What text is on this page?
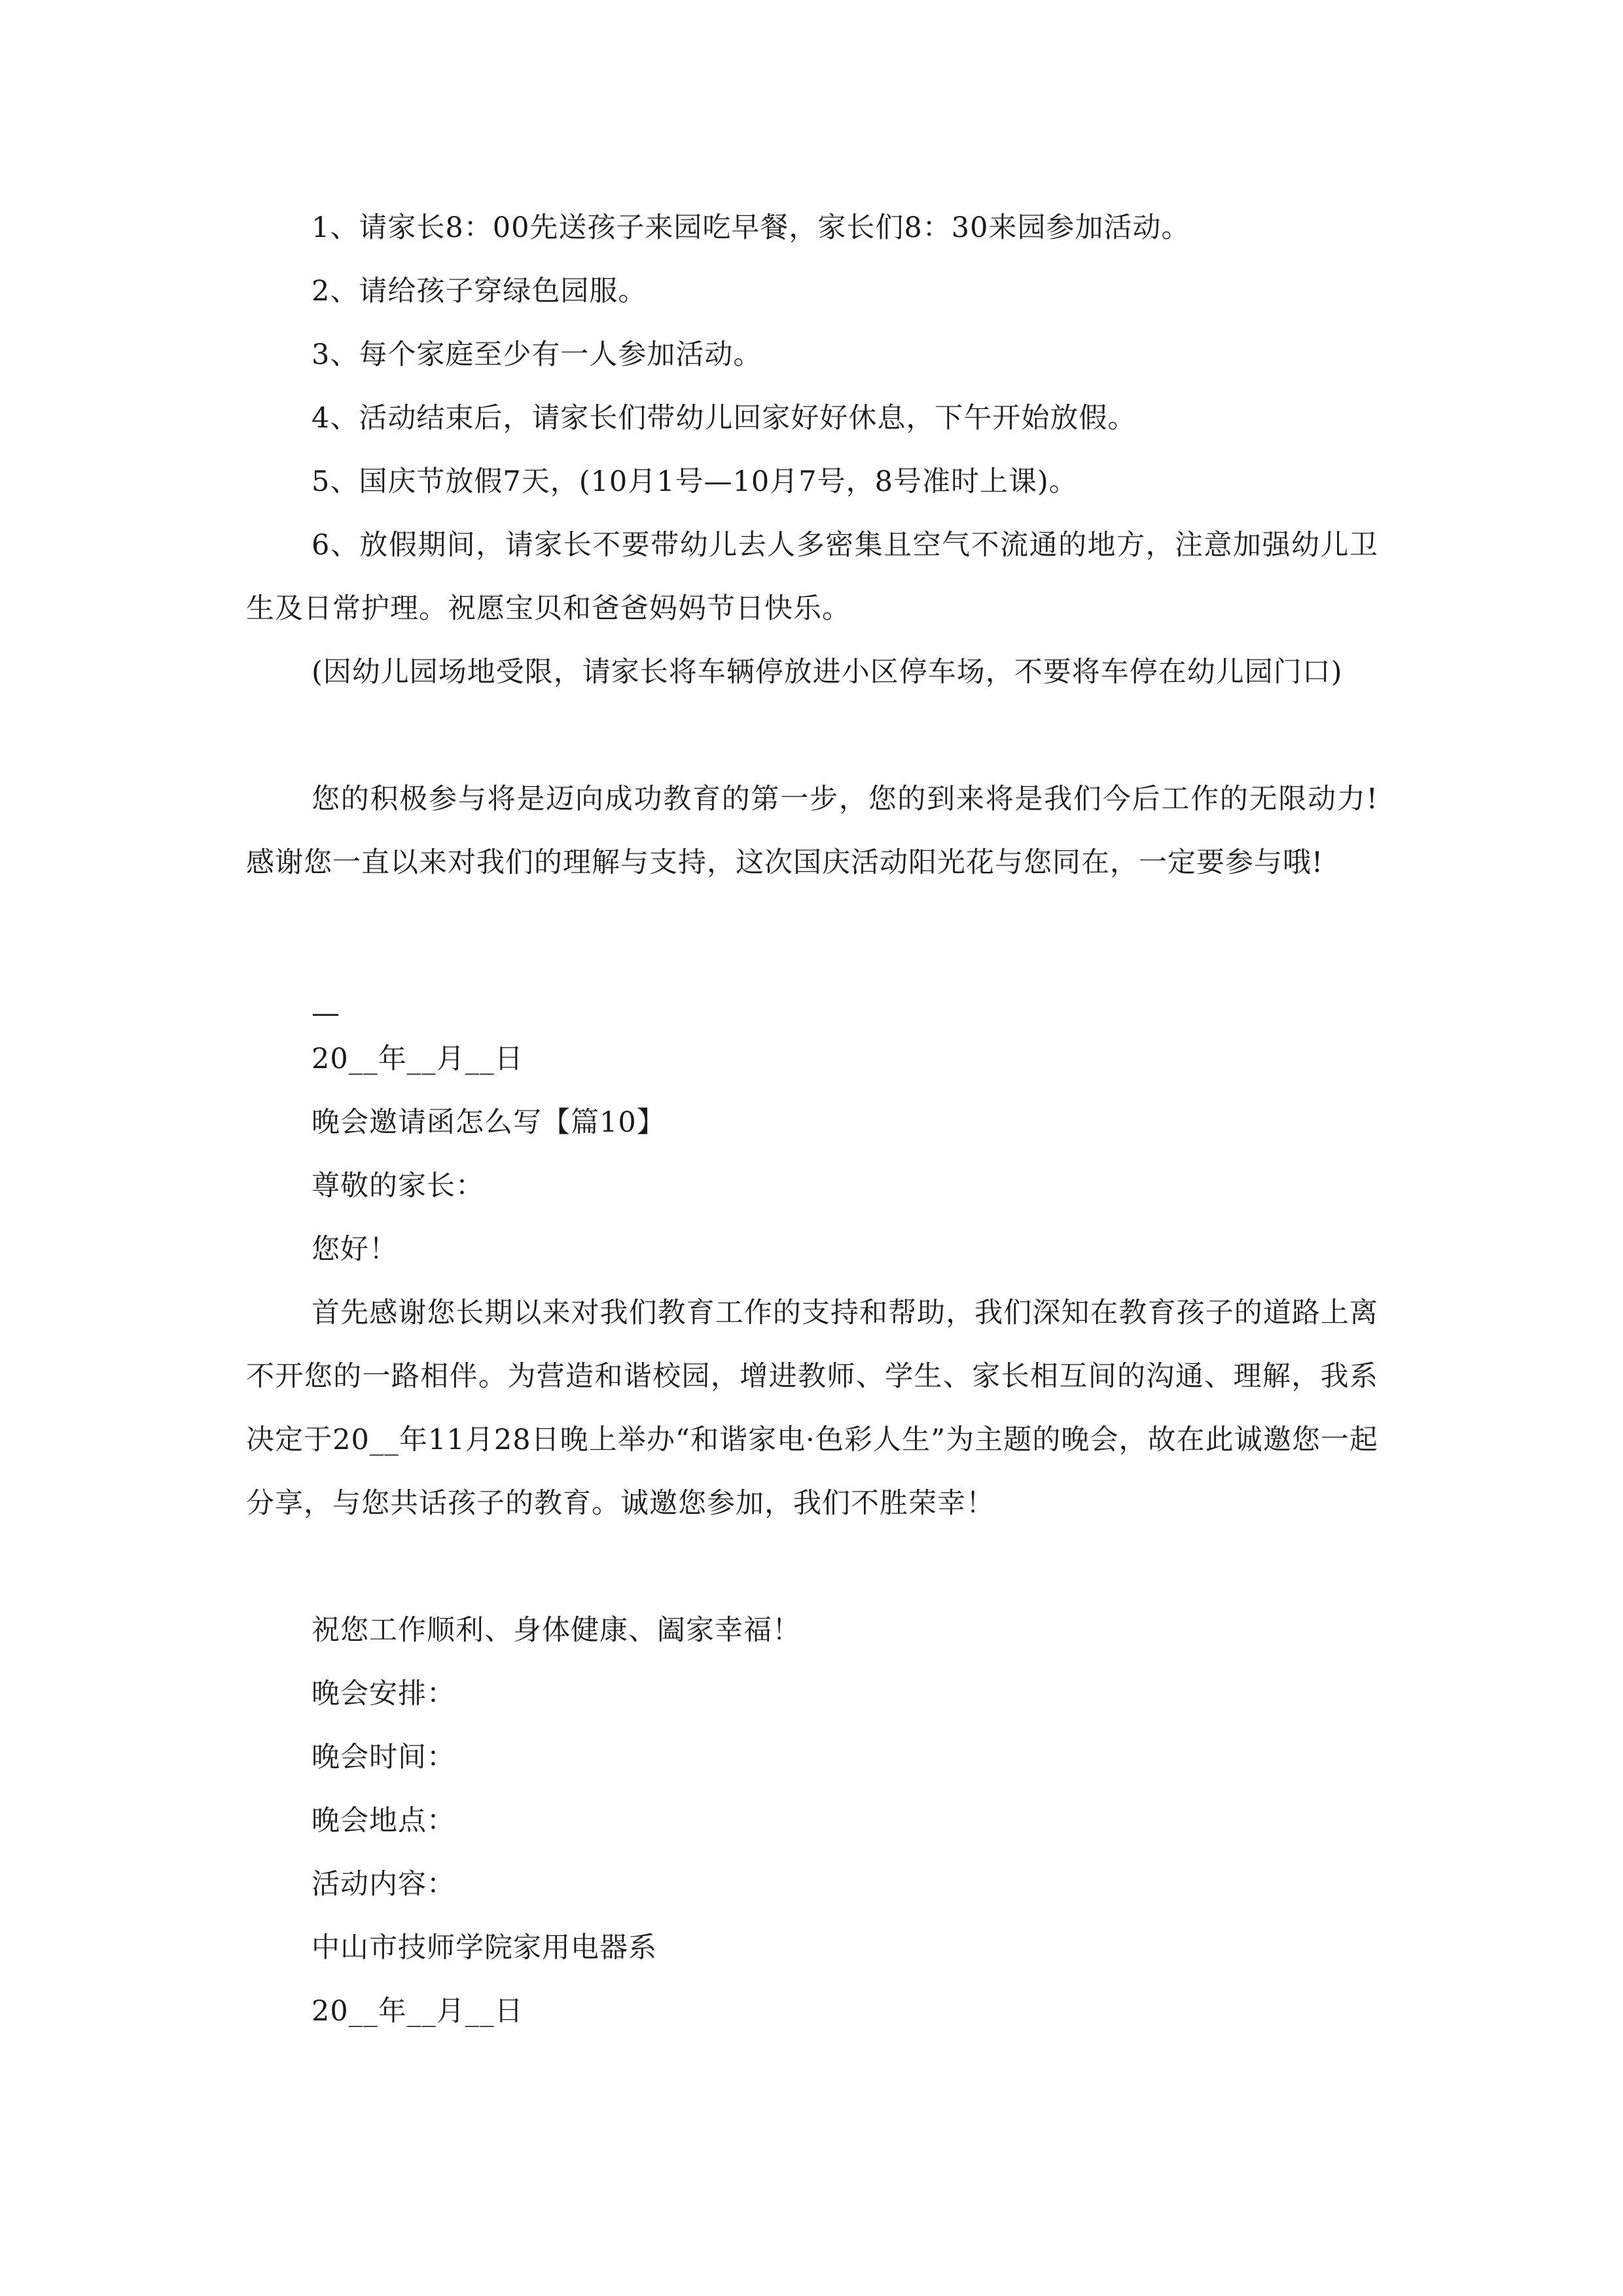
1、请家长8：00先送孩子来园吃早餐，家长们8：30来园参加活动。

2、请给孩子穿绿色园服。

3、每个家庭至少有一人参加活动。

4、活动结束后，请家长们带幼儿回家好好休息，下午开始放假。

5、国庆节放假7天，(10月1号—10月7号，8号准时上课)。

6、放假期间，请家长不要带幼儿去人多密集且空气不流通的地方，注意加强幼儿卫生及日常护理。祝愿宝贝和爸爸妈妈节日快乐。

(因幼儿园场地受限，请家长将车辆停放进小区停车场，不要将车停在幼儿园门口)

您的积极参与将是迈向成功教育的第一步，您的到来将是我们今后工作的无限动力!感谢您一直以来对我们的理解与支持，这次国庆活动阳光花与您同在，一定要参与哦!

—

20__年__月__日

晚会邀请函怎么写【篇10】

尊敬的家长：

您好！

首先感谢您长期以来对我们教育工作的支持和帮助，我们深知在教育孩子的道路上离不开您的一路相伴。为营造和谐校园，增进教师、学生、家长相互间的沟通、理解，我系决定于20__年11月28日晚上举办“和谐家电·色彩人生”为主题的晚会，故在此诚邀您一起分享，与您共话孩子的教育。诚邀您参加，我们不胜荣幸！

祝您工作顺利、身体健康、阖家幸福！

晚会安排：

晚会时间：

晚会地点：

活动内容：

中山市技师学院家用电器系

20__年__月__日
